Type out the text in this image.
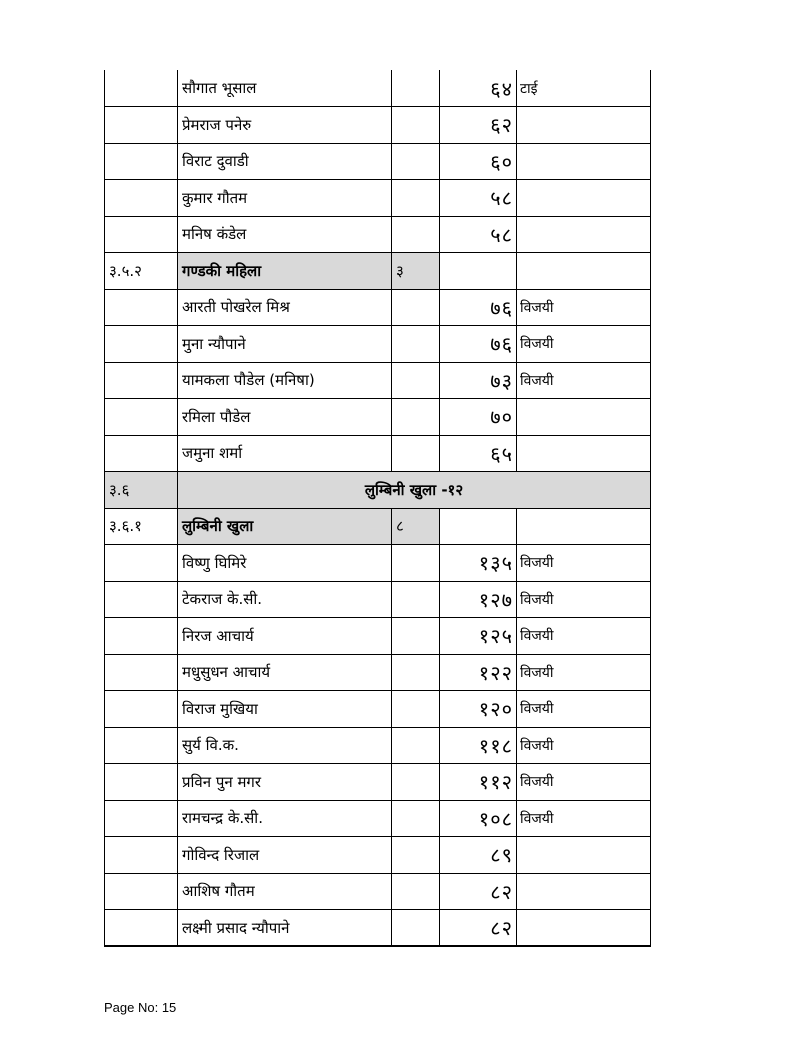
	सौगात भूसाल		६४	टाई
	प्रेमराज पनेरु		६२	
	विराट दुवाडी		६०	
	कुमार गौतम		५८	
	मनिष कंडेल		५८	
३.५.२	गण्डकी महिला	३		
	आरती पोखरेल मिश्र		७६	विजयी
	मुना न्यौपाने		७६	विजयी
	यामकला पौडेल (मनिषा)		७३	विजयी
	रमिला पौडेल		७०	
	जमुना शर्मा		६५	
३.६	लुम्बिनी खुला -१२			
३.६.१	लुम्बिनी खुला	८		
	विष्णु घिमिरे		१३५	विजयी
	टेकराज के.सी.		१२७	विजयी
	निरज आचार्य		१२५	विजयी
	मधुसुधन आचार्य		१२२	विजयी
	विराज मुखिया		१२०	विजयी
	सुर्य वि.क.		११८	विजयी
	प्रविन पुन मगर		११२	विजयी
	रामचन्द्र के.सी.		१०८	विजयी
	गोविन्द रिजाल		८९	
	आशिष गौतम		८२	
	लक्ष्मी प्रसाद न्यौपाने		८२	
Page No: 15
